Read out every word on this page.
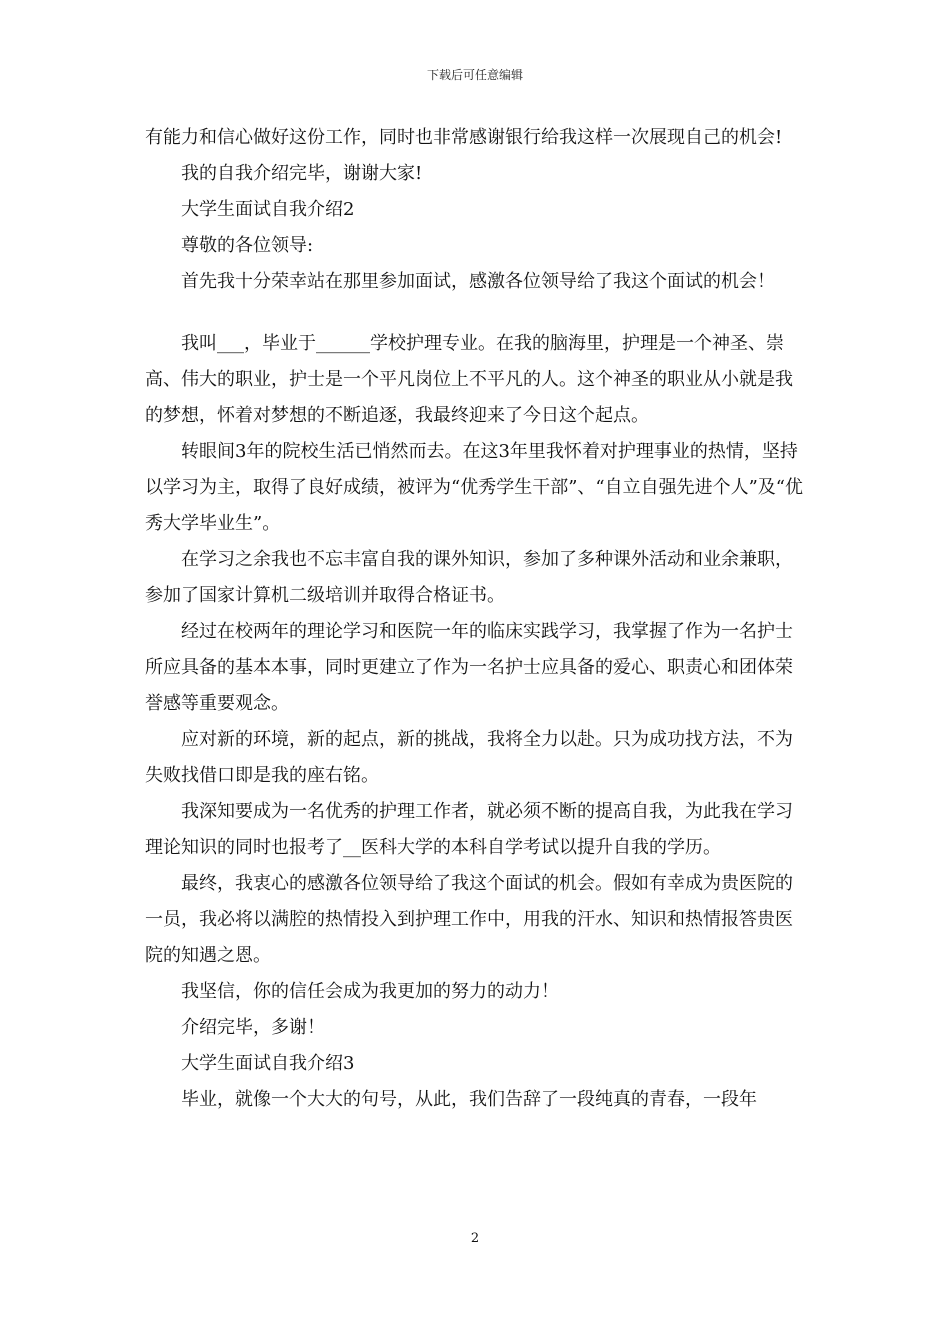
下载后可任意编辑

有能力和信心做好这份工作，同时也非常感谢银行给我这样一次展现自己的机会!

我的自我介绍完毕，谢谢大家!

大学生面试自我介绍2

尊敬的各位领导:

首先我十分荣幸站在那里参加面试，感激各位领导给了我这个面试的机会！

我叫___，毕业于______学校护理专业。在我的脑海里，护理是一个神圣、崇高、伟大的职业，护士是一个平凡岗位上不平凡的人。这个神圣的职业从小就是我的梦想，怀着对梦想的不断追逐，我最终迎来了今日这个起点。

转眼间3年的院校生活已悄然而去。在这3年里我怀着对护理事业的热情，坚持以学习为主，取得了良好成绩，被评为“优秀学生干部”、“自立自强先进个人”及“优秀大学毕业生”。

在学习之余我也不忘丰富自我的课外知识，参加了多种课外活动和业余兼职，参加了国家计算机二级培训并取得合格证书。

经过在校两年的理论学习和医院一年的临床实践学习，我掌握了作为一名护士所应具备的基本本事，同时更建立了作为一名护士应具备的爱心、职责心和团体荣誉感等重要观念。

应对新的环境，新的起点，新的挑战，我将全力以赴。只为成功找方法，不为失败找借口即是我的座右铭。

我深知要成为一名优秀的护理工作者，就必须不断的提高自我，为此我在学习理论知识的同时也报考了__医科大学的本科自学考试以提升自我的学历。

最终，我衷心的感激各位领导给了我这个面试的机会。假如有幸成为贵医院的一员，我必将以满腔的热情投入到护理工作中，用我的汗水、知识和热情报答贵医院的知遇之恩。

我坚信，你的信任会成为我更加的努力的动力！

介绍完毕，多谢！

大学生面试自我介绍3

毕业，就像一个大大的句号，从此，我们告辞了一段纯真的青春，一段年

2
